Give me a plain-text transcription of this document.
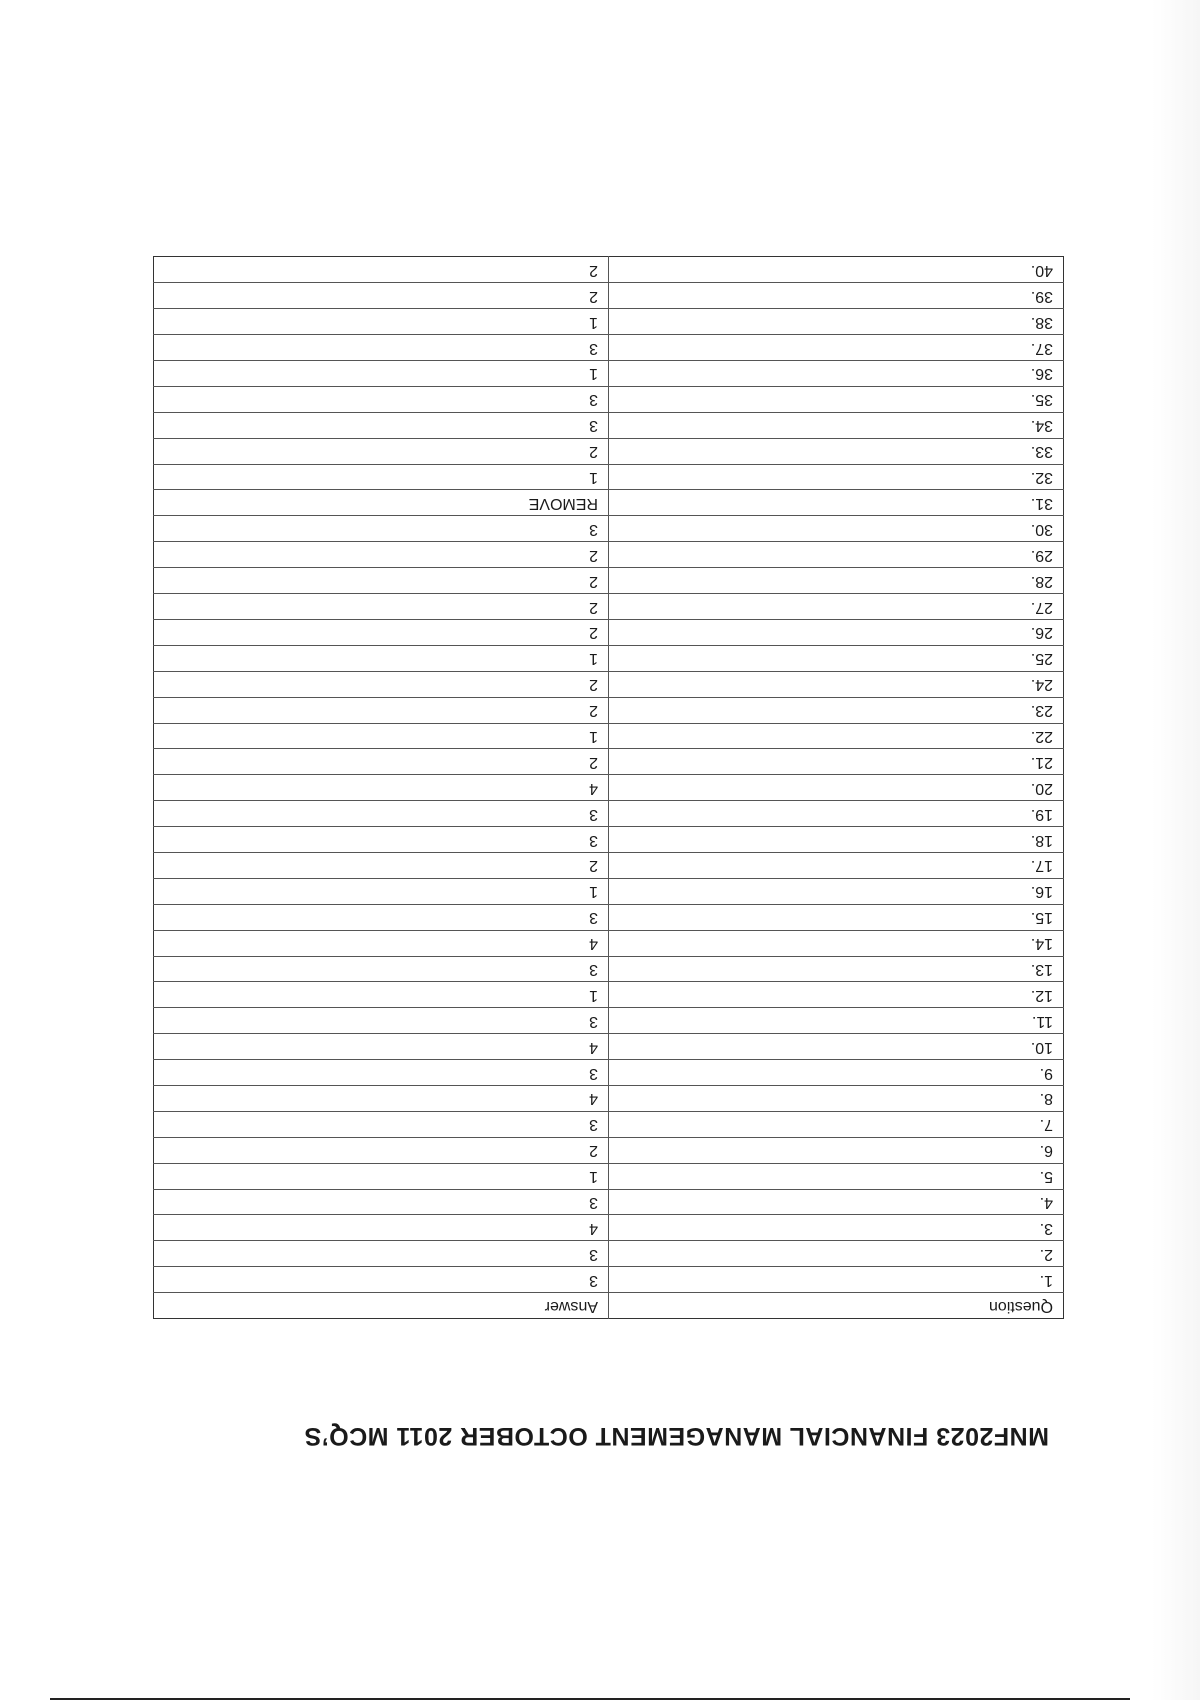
MNF2023 FINANCIAL MANAGEMENT OCTOBER 2011 MCQ’S
Question	Answer
1.	3
2.	3
3.	4
4.	3
5.	1
6.	2
7.	3
8.	4
9.	3
10.	4
11.	3
12.	1
13.	3
14.	4
15.	3
16.	1
17.	2
18.	3
19.	3
20.	4
21.	2
22.	1
23.	2
24.	2
25.	1
26.	2
27.	2
28.	2
29.	2
30.	3
31.	REMOVE
32.	1
33.	2
34.	3
35.	3
36.	1
37.	3
38.	1
39.	2
40.	2
